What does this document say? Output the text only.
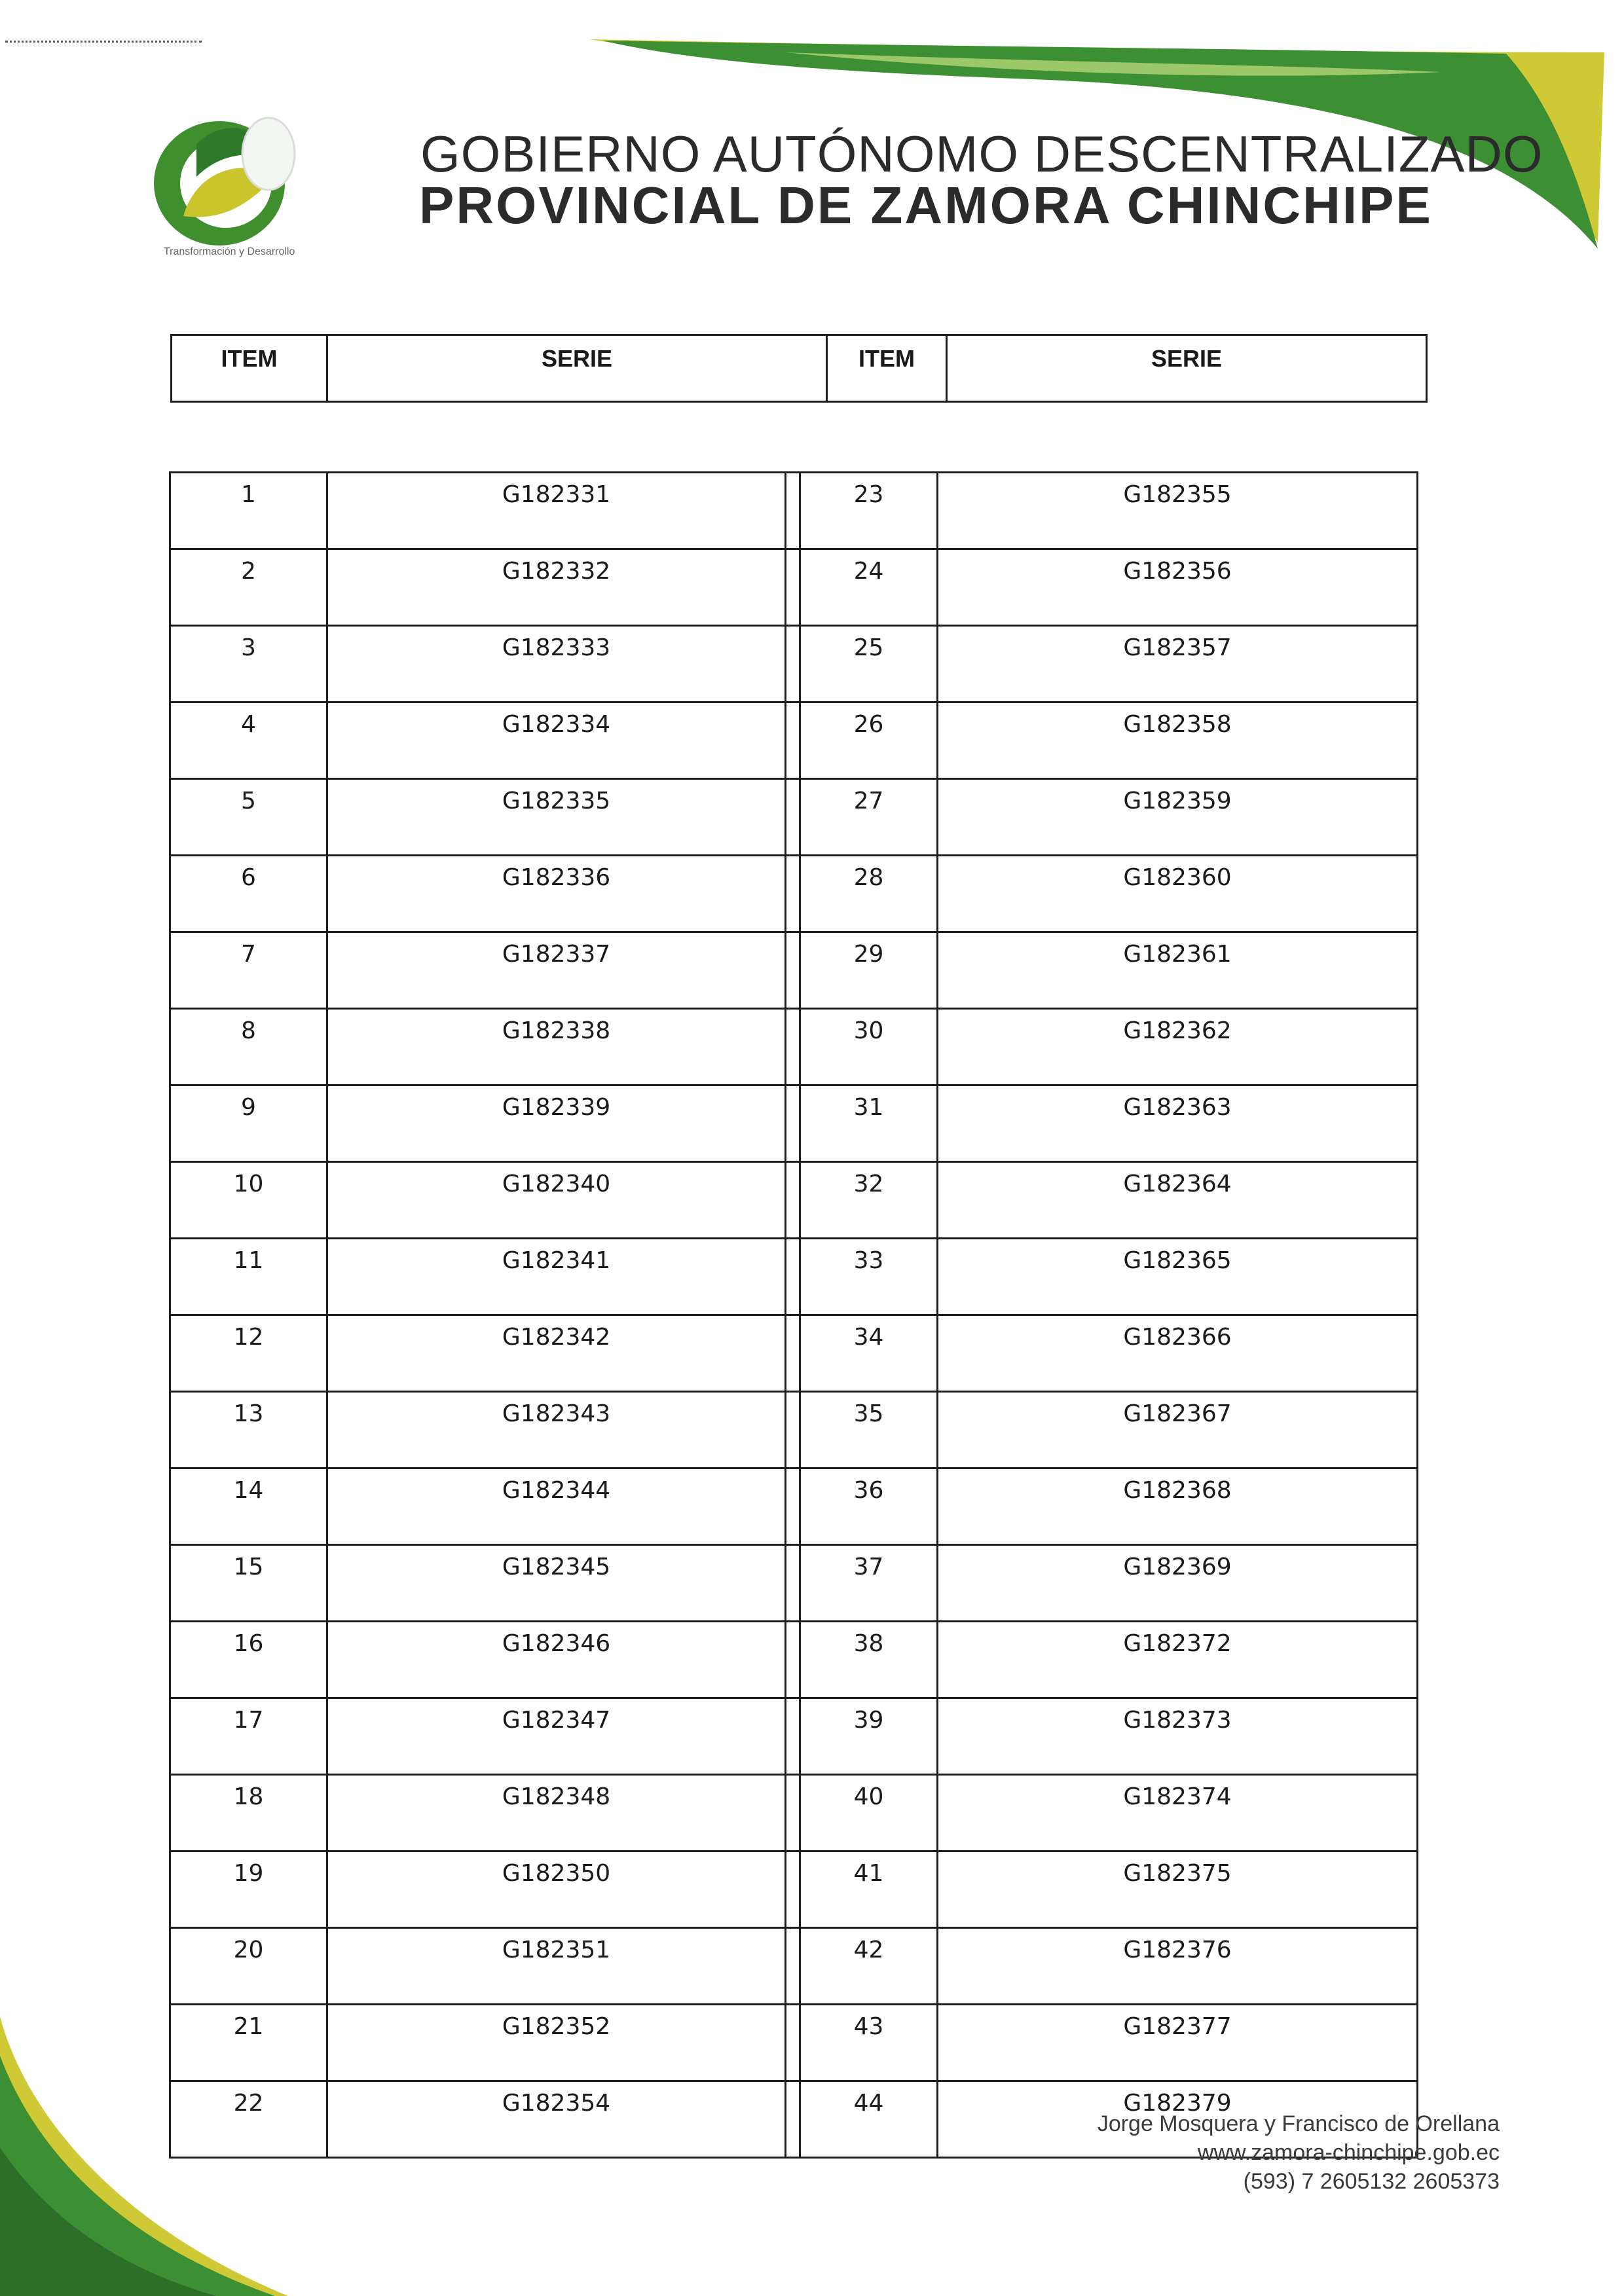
Transformación y Desarrollo
GOBIERNO AUTÓNOMO DESCENTRALIZADO
PROVINCIAL DE ZAMORA CHINCHIPE
ITEM	SERIE	ITEM	SERIE
1	G182331		23	G182355
2	G182332		24	G182356
3	G182333		25	G182357
4	G182334		26	G182358
5	G182335		27	G182359
6	G182336		28	G182360
7	G182337		29	G182361
8	G182338		30	G182362
9	G182339		31	G182363
10	G182340		32	G182364
11	G182341		33	G182365
12	G182342		34	G182366
13	G182343		35	G182367
14	G182344		36	G182368
15	G182345		37	G182369
16	G182346		38	G182372
17	G182347		39	G182373
18	G182348		40	G182374
19	G182350		41	G182375
20	G182351		42	G182376
21	G182352		43	G182377
22	G182354		44	G182379
Jorge Mosquera y Francisco de Orellana
www.zamora-chinchipe.gob.ec
(593) 7 2605132 2605373
